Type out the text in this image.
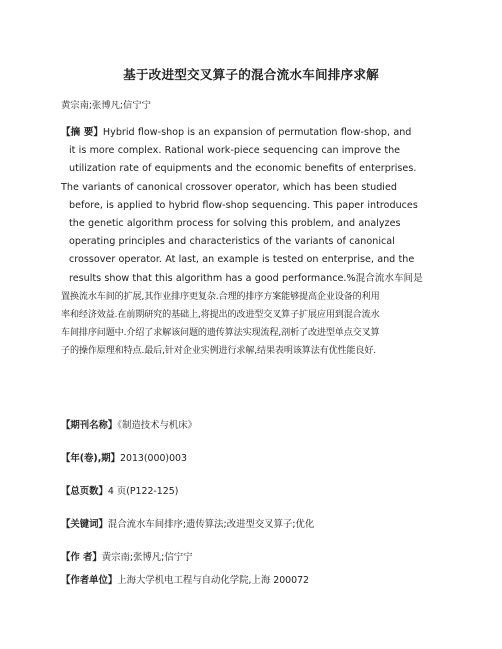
基于改进型交叉算子的混合流水车间排序求解
黄宗南;张博凡;信宁宁
【摘 要】Hybrid flow-shop is an expansion of permutation flow-shop, and
it is more complex. Rational work-piece sequencing can improve the
utilization rate of equipments and the economic benefits of enterprises.
The variants of canonical crossover operator, which has been studied
before, is applied to hybrid flow-shop sequencing. This paper introduces
the genetic algorithm process for solving this problem, and analyzes
operating principles and characteristics of the variants of canonical
crossover operator. At last, an example is tested on enterprise, and the
results show that this algorithm has a good performance.%混合流水车间是
置换流水车间的扩展,其作业排序更复杂.合理的排序方案能够提高企业设备的利用
率和经济效益.在前期研究的基础上,将提出的改进型交叉算子扩展应用到混合流水
车间排序问题中.介绍了求解该问题的遗传算法实现流程,剖析了改进型单点交叉算
子的操作原理和特点.最后,针对企业实例进行求解,结果表明该算法有优性能良好.
【期刊名称】《制造技术与机床》
【年(卷),期】2013(000)003
【总页数】4 页(P122-125)
【关键词】混合流水车间排序;遗传算法;改进型交叉算子;优化
【作 者】黄宗南;张博凡;信宁宁
【作者单位】上海大学机电工程与自动化学院,上海 200072
